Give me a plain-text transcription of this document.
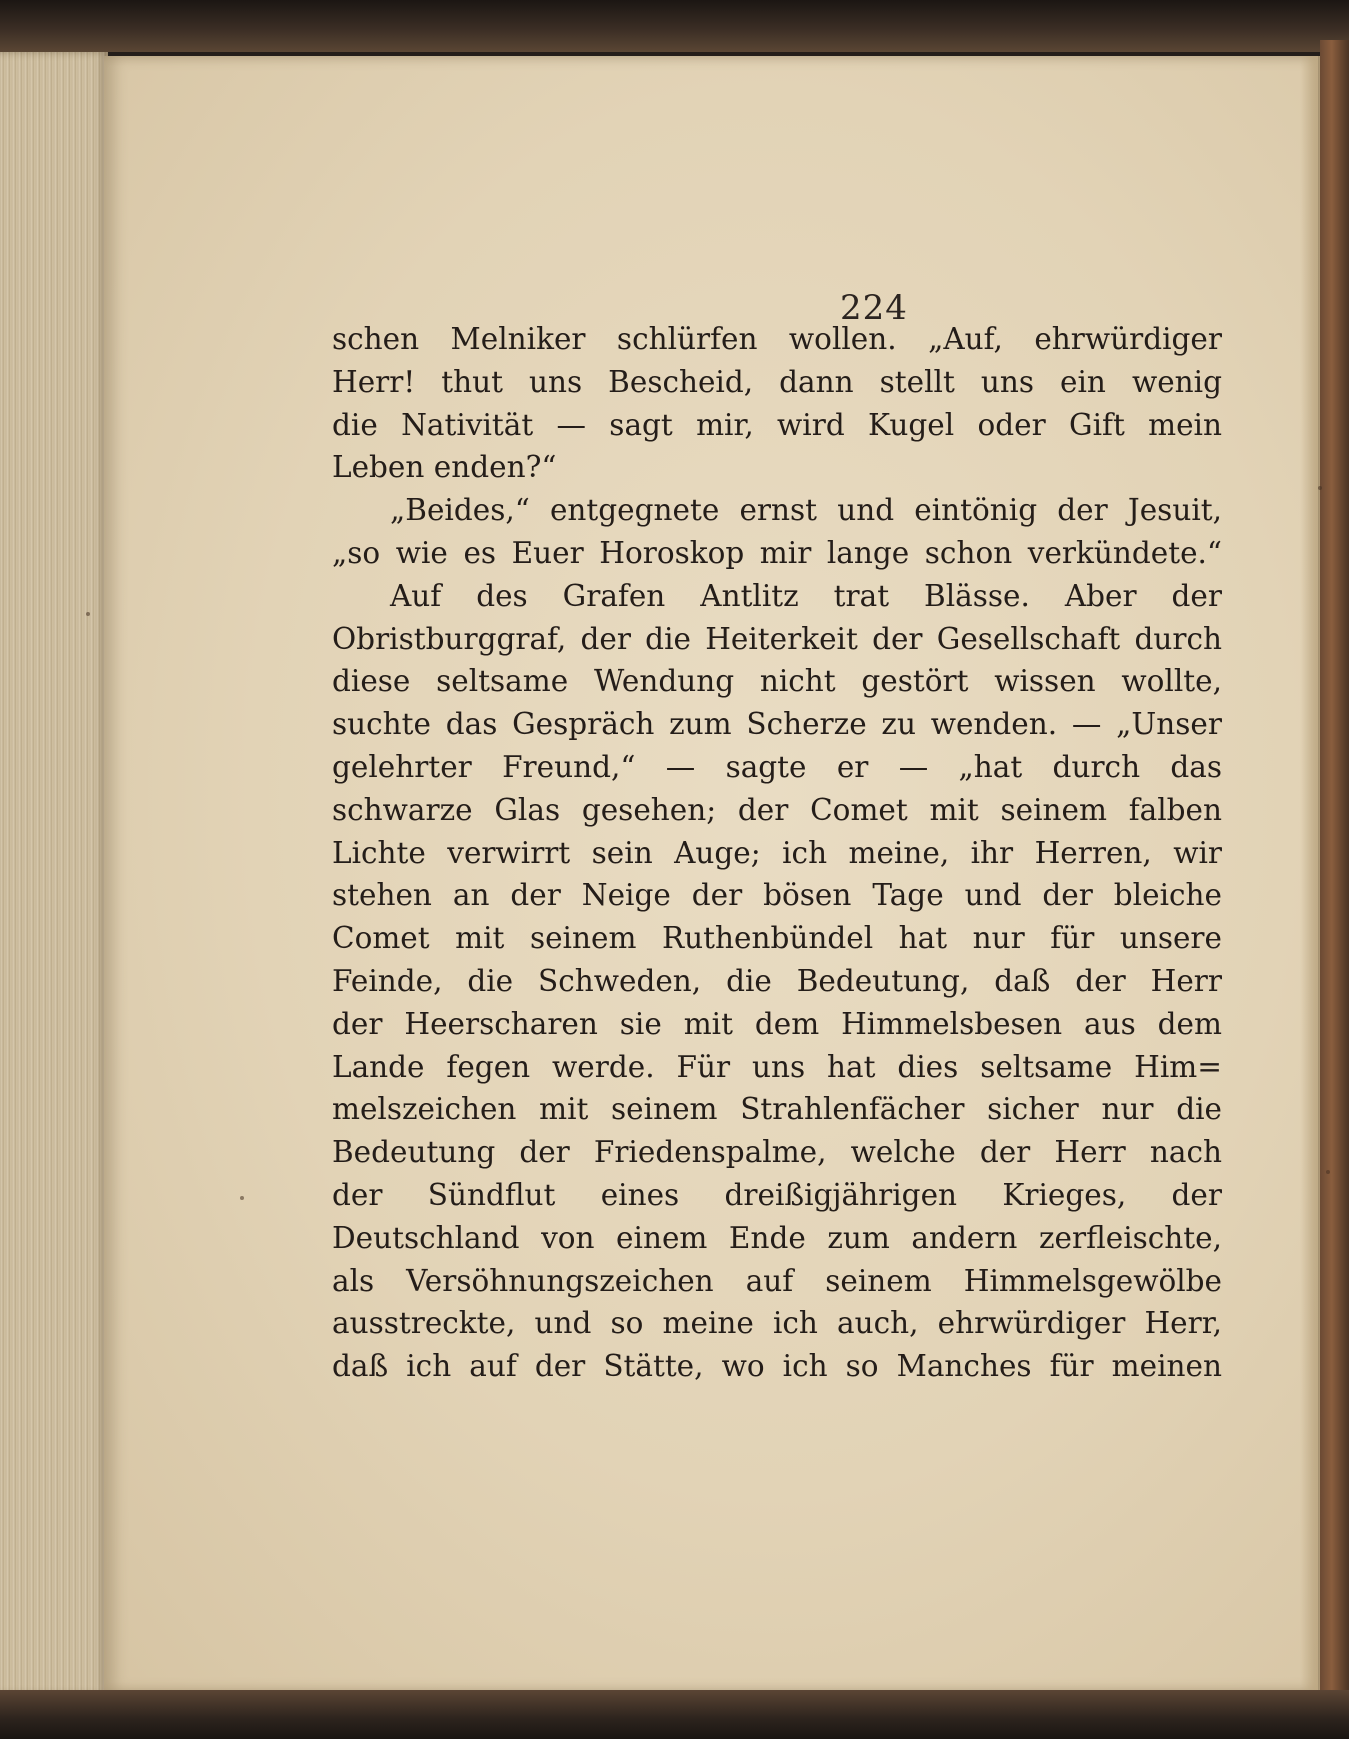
224
schen Melniker schlürfen wollen. „Auf, ehrwürdiger
Herr! thut uns Bescheid, dann stellt uns ein wenig
die Nativität — sagt mir, wird Kugel oder Gift mein
Leben enden?“
„Beides,“ entgegnete ernst und eintönig der Jesuit,
„so wie es Euer Horoskop mir lange schon verkündete.“
Auf des Grafen Antlitz trat Blässe. Aber der
Obristburggraf, der die Heiterkeit der Gesellschaft durch
diese seltsame Wendung nicht gestört wissen wollte,
suchte das Gespräch zum Scherze zu wenden. — „Unser
gelehrter Freund,“ — sagte er — „hat durch das
schwarze Glas gesehen; der Comet mit seinem falben
Lichte verwirrt sein Auge; ich meine, ihr Herren, wir
stehen an der Neige der bösen Tage und der bleiche
Comet mit seinem Ruthenbündel hat nur für unsere
Feinde, die Schweden, die Bedeutung, daß der Herr
der Heerscharen sie mit dem Himmelsbesen aus dem
Lande fegen werde. Für uns hat dies seltsame Him=
melszeichen mit seinem Strahlenfächer sicher nur die
Bedeutung der Friedenspalme, welche der Herr nach
der Sündflut eines dreißigjährigen Krieges, der
Deutschland von einem Ende zum andern zerfleischte,
als Versöhnungszeichen auf seinem Himmelsgewölbe
ausstreckte, und so meine ich auch, ehrwürdiger Herr,
daß ich auf der Stätte, wo ich so Manches für meinen
